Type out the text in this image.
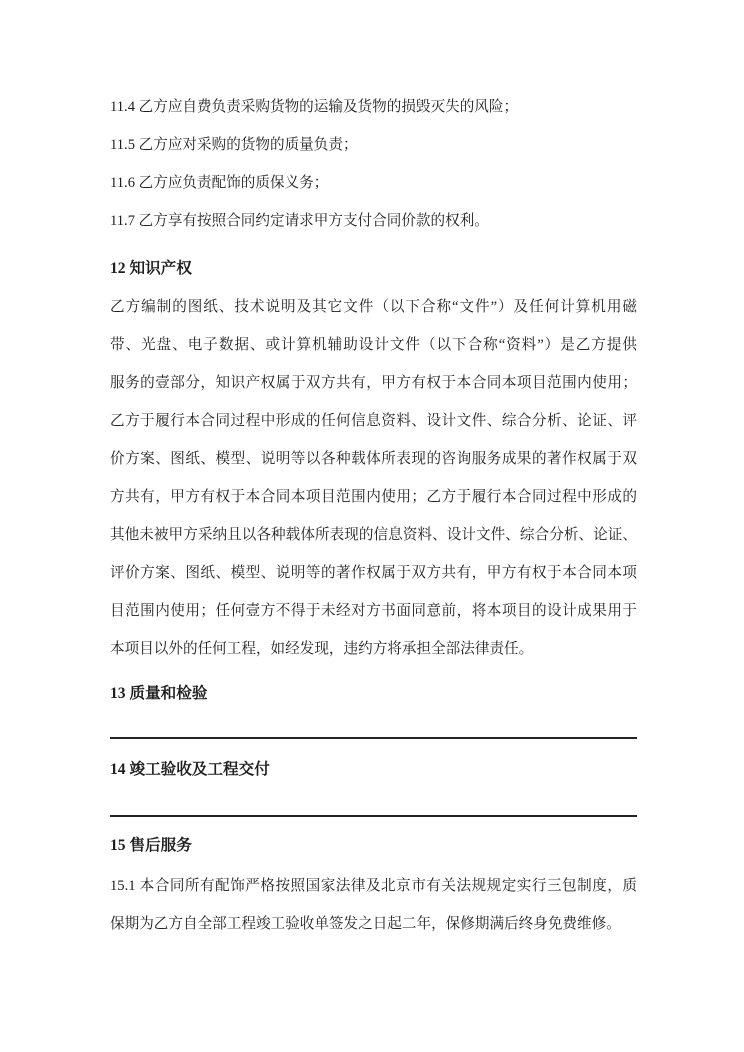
11.4 乙方应自费负责采购货物的运输及货物的损毁灭失的风险；

11.5 乙方应对采购的货物的质量负责；

11.6 乙方应负责配饰的质保义务；

11.7 乙方享有按照合同约定请求甲方支付合同价款的权利。

12 知识产权

乙方编制的图纸、技术说明及其它文件（以下合称“文件”）及任何计算机用磁

带、光盘、电子数据、或计算机辅助设计文件（以下合称“资料”）是乙方提供

服务的壹部分，知识产权属于双方共有，甲方有权于本合同本项目范围内使用；

乙方于履行本合同过程中形成的任何信息资料、设计文件、综合分析、论证、评

价方案、图纸、模型、说明等以各种载体所表现的咨询服务成果的著作权属于双

方共有，甲方有权于本合同本项目范围内使用；乙方于履行本合同过程中形成的

其他未被甲方采纳且以各种载体所表现的信息资料、设计文件、综合分析、论证、

评价方案、图纸、模型、说明等的著作权属于双方共有，甲方有权于本合同本项

目范围内使用；任何壹方不得于未经对方书面同意前，将本项目的设计成果用于

本项目以外的任何工程，如经发现，违约方将承担全部法律责任。

13 质量和检验
14 竣工验收及工程交付
15 售后服务

15.1 本合同所有配饰严格按照国家法律及北京市有关法规规定实行三包制度，质

保期为乙方自全部工程竣工验收单签发之日起二年，保修期满后终身免费维修。
